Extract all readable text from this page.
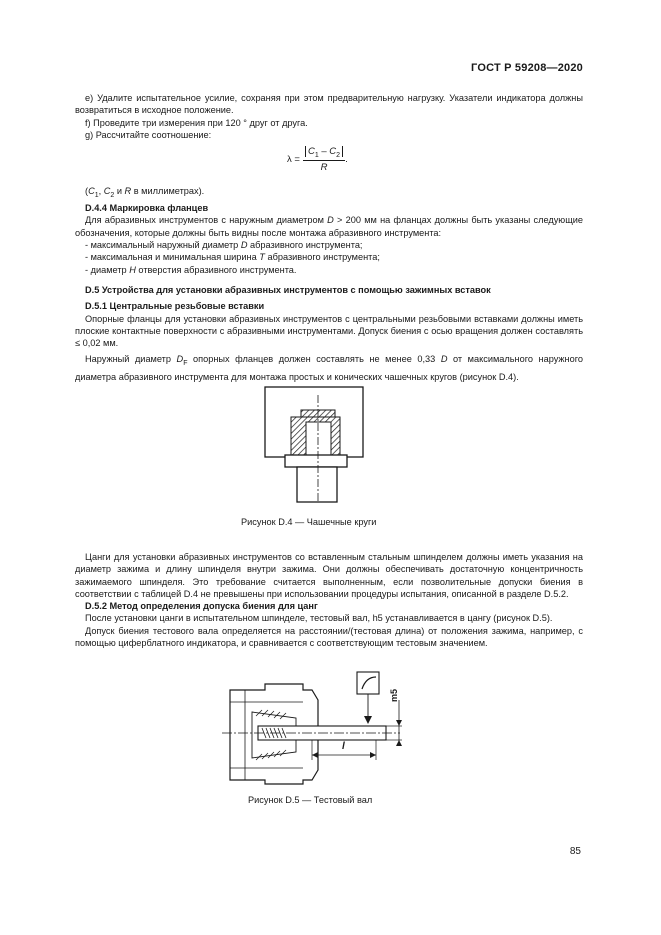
ГОСТ Р 59208—2020

e) Удалите испытательное усилие, сохраняя при этом предварительную нагрузку. Указатели индикатора должны возвратиться в исходное положение.

f) Проведите три измерения при 120 ° друг от друга.

g) Рассчитайте соотношение:

$\lambda = \frac{C_1 - C_2}{R}$ .

($C_1$, $C_2$ и R в миллиметрах).

D.4.4 Маркировка фланцев

Для абразивных инструментов с наружным диаметром D > 200 мм на фланцах должны быть указаны следующие обозначения, которые должны быть видны после монтажа абразивного инструмента:

- максимальный наружный диаметр D абразивного инструмента;

- максимальная и минимальная ширина T абразивного инструмента;

- диаметр H отверстия абразивного инструмента.

D.5 Устройства для установки абразивных инструментов с помощью зажимных вставок

D.5.1 Центральные резьбовые вставки

Опорные фланцы для установки абразивных инструментов с центральными резьбовыми вставками должны иметь плоские контактные поверхности с абразивными инструментами. Допуск биения с осью вращения должен составлять ≤ 0,02 мм.

Наружный диаметр $D_F$ опорных фланцев должен составлять не менее 0,33 D от максимального наружного диаметра абразивного инструмента для монтажа простых и конических чашечных кругов (рисунок D.4).

Рисунок D.4 — Чашечные круги

Цанги для установки абразивных инструментов со вставленным стальным шпинделем должны иметь указания на диаметр зажима и длину шпинделя внутри зажима. Они должны обеспечивать достаточную концентричность зажимаемого шпинделя. Это требование считается выполненным, если позволительные допуски биения в соответствии с таблицей D.4 не превышены при использовании процедуры испытания, описанной в разделе D.5.2.

D.5.2 Метод определения допуска биения для цанг

После установки цанги в испытательном шпинделе, тестовый вал, h5 устанавливается в цангу (рисунок D.5).

Допуск биения тестового вала определяется на расстоянии/(тестовая длина) от положения зажима, например, с помощью циферблатного индикатора, и сравнивается с соответствующим тестовым значением.

l
m5
Рисунок D.5 — Тестовый вал
85
